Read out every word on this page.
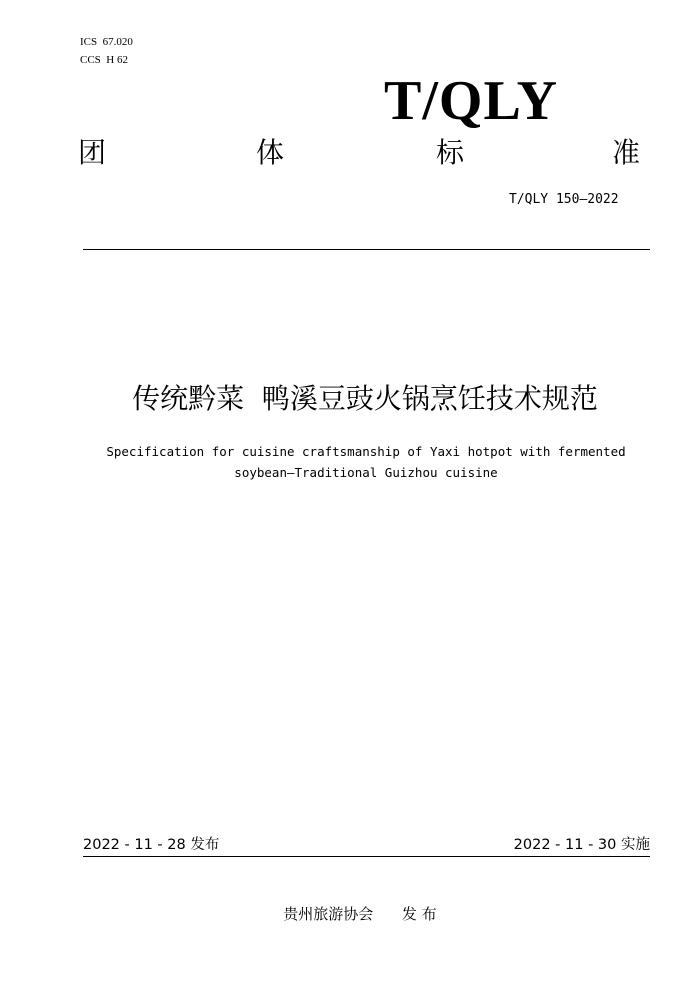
ICS  67.020
CCS  H 62
T/QLY
团	体	标	准
T/QLY 150—2022
传统黔菜  鸭溪豆豉火锅烹饪技术规范
Specification for cuisine craftsmanship of Yaxi hotpot with fermented
soybean—Traditional Guizhou cuisine
2022 - 11 - 28 发布	2022 - 11 - 30 实施
贵州旅游协会      发 布
